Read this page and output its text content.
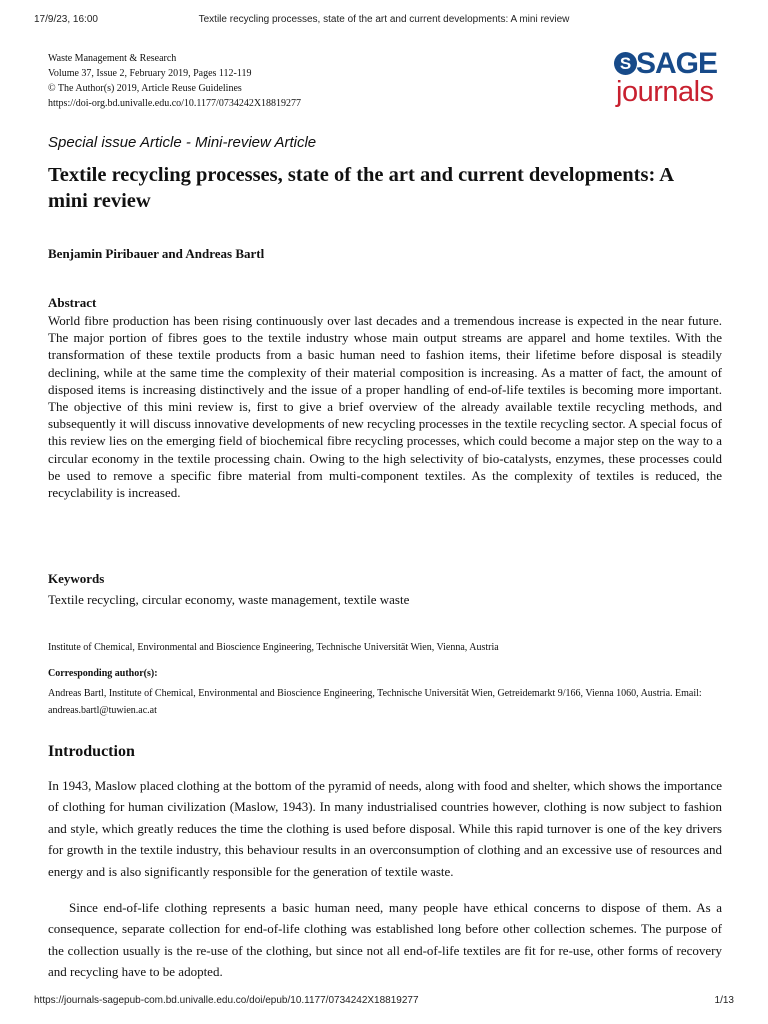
17/9/23, 16:00	Textile recycling processes, state of the art and current developments: A mini review
Waste Management & Research
Volume 37, Issue 2, February 2019, Pages 112-119
© The Author(s) 2019, Article Reuse Guidelines
https://doi-org.bd.univalle.edu.co/10.1177/0734242X18819277
S SAGE
journals
Special issue Article - Mini-review Article
Textile recycling processes, state of the art and current developments: A mini review
Benjamin Piribauer and Andreas Bartl
Abstract

World fibre production has been rising continuously over last decades and a tremendous increase is expected in the near future. The major portion of fibres goes to the textile industry whose main output streams are apparel and home textiles. With the transformation of these textile products from a basic human need to fashion items, their lifetime before disposal is steadily declining, while at the same time the complexity of their material composition is increasing. As a matter of fact, the amount of disposed items is increasing distinctively and the issue of a proper handling of end-of-life textiles is becoming more important. The objective of this mini review is, first to give a brief overview of the already available textile recycling methods, and subsequently it will discuss innovative developments of new recycling processes in the textile recycling sector. A special focus of this review lies on the emerging field of biochemical fibre recycling processes, which could become a major step on the way to a circular economy in the textile processing chain. Owing to the high selectivity of bio-catalysts, enzymes, these processes could be used to remove a specific fibre material from multi-component textiles. As the complexity of textiles is reduced, the recyclability is increased.

Keywords
Textile recycling, circular economy, waste management, textile waste
Institute of Chemical, Environmental and Bioscience Engineering, Technische Universität Wien, Vienna, Austria
Corresponding author(s):

Andreas Bartl, Institute of Chemical, Environmental and Bioscience Engineering, Technische Universität Wien, Getreidemarkt 9/166, Vienna 1060, Austria. Email: andreas.bartl@tuwien.ac.at

Introduction

In 1943, Maslow placed clothing at the bottom of the pyramid of needs, along with food and shelter, which shows the importance of clothing for human civilization (Maslow, 1943). In many industrialised countries however, clothing is now subject to fashion and style, which greatly reduces the time the clothing is used before disposal. While this rapid turnover is one of the key drivers for growth in the textile industry, this behaviour results in an overconsumption of clothing and an excessive use of resources and energy and is also significantly responsible for the generation of textile waste.

Since end-of-life clothing represents a basic human need, many people have ethical concerns to dispose of them. As a consequence, separate collection for end-of-life clothing was established long before other collection schemes. The purpose of the collection usually is the re-use of the clothing, but since not all end-of-life textiles are fit for re-use, other forms of recovery and recycling have to be adopted.

https://journals-sagepub-com.bd.univalle.edu.co/doi/epub/10.1177/0734242X18819277	1/13
